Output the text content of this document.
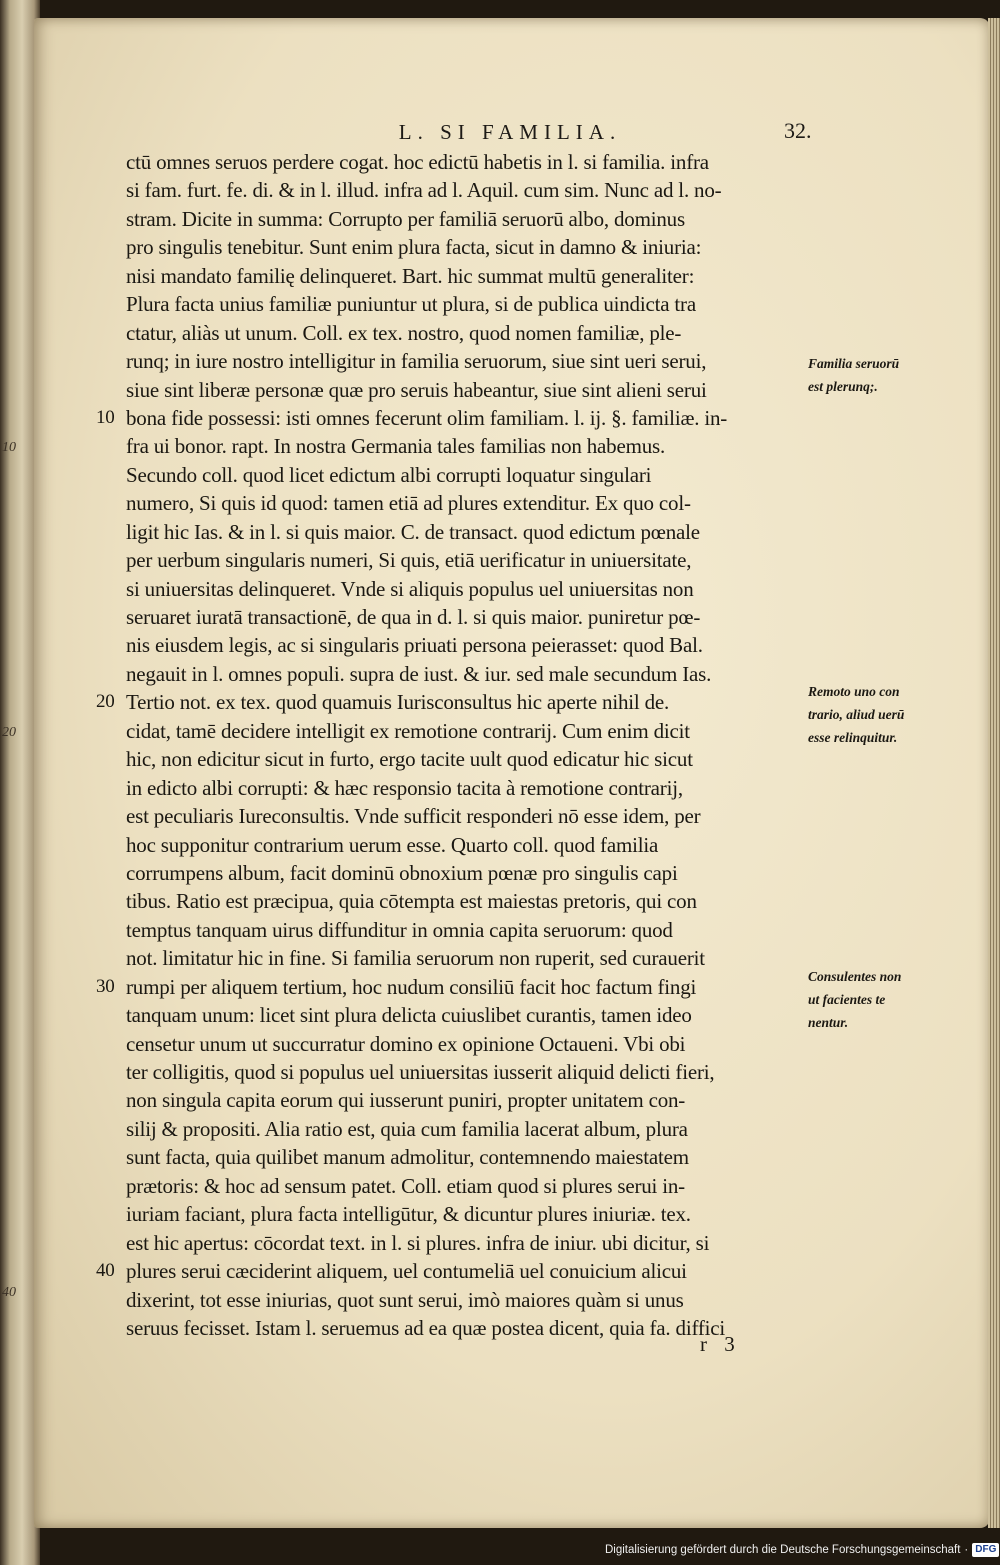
10
20
40
L. SI FAMILIA.	32.
ctū omnes seruos perdere cogat. hoc edictū habetis in l. si familia. infra
si fam. furt. fe. di. & in l. illud. infra ad l. Aquil. cum sim. Nunc ad l. no-
stram. Dicite in summa: Corrupto per familiā seruorū albo, dominus
pro singulis tenebitur. Sunt enim plura facta, sicut in damno & iniuria:
nisi mandato familię delinqueret. Bart. hic summat multū generaliter:
Plura facta unius familiæ puniuntur ut plura, si de publica uindicta tra
ctatur, aliàs ut unum. Coll. ex tex. nostro, quod nomen familiæ, ple-
runq; in iure nostro intelligitur in familia seruorum, siue sint ueri serui,
siue sint liberæ personæ quæ pro seruis habeantur, siue sint alieni serui
10 bona fide possessi: isti omnes fecerunt olim familiam. l. ij. §. familiæ. in-
fra ui bonor. rapt. In nostra Germania tales familias non habemus.
Secundo coll. quod licet edictum albi corrupti loquatur singulari
numero, Si quis id quod: tamen etiā ad plures extenditur. Ex quo col-
ligit hic Ias. & in l. si quis maior. C. de transact. quod edictum pœnale
per uerbum singularis numeri, Si quis, etiā uerificatur in uniuersitate,
si uniuersitas delinqueret. Vnde si aliquis populus uel uniuersitas non
seruaret iuratā transactionē, de qua in d. l. si quis maior. puniretur pœ-
nis eiusdem legis, ac si singularis priuati persona peierasset: quod Bal.
negauit in l. omnes populi. supra de iust. & iur. sed male secundum Ias.
20 Tertio not. ex tex. quod quamuis Iurisconsultus hic aperte nihil de.
cidat, tamē decidere intelligit ex remotione contrarij. Cum enim dicit
hic, non edicitur sicut in furto, ergo tacite uult quod edicatur hic sicut
in edicto albi corrupti: & hæc responsio tacita à remotione contrarij,
est peculiaris Iureconsultis. Vnde sufficit responderi nō esse idem, per
hoc supponitur contrarium uerum esse. Quarto coll. quod familia
corrumpens album, facit dominū obnoxium pœnæ pro singulis capi
tibus. Ratio est præcipua, quia cōtempta est maiestas pretoris, qui con
temptus tanquam uirus diffunditur in omnia capita seruorum: quod
not. limitatur hic in fine. Si familia seruorum non ruperit, sed curauerit
30 rumpi per aliquem tertium, hoc nudum consiliū facit hoc factum fingi
tanquam unum: licet sint plura delicta cuiuslibet curantis, tamen ideo
censetur unum ut succurratur domino ex opinione Octaueni. Vbi obi
ter colligitis, quod si populus uel uniuersitas iusserit aliquid delicti fieri,
non singula capita eorum qui iusserunt puniri, propter unitatem con-
silij & propositi. Alia ratio est, quia cum familia lacerat album, plura
sunt facta, quia quilibet manum admolitur, contemnendo maiestatem
prætoris: & hoc ad sensum patet. Coll. etiam quod si plures serui in-
iuriam faciant, plura facta intelligūtur, & dicuntur plures iniuriæ. tex.
est hic apertus: cōcordat text. in l. si plures. infra de iniur. ubi dicitur, si
40 plures serui cæciderint aliquem, uel contumeliā uel conuicium alicui
dixerint, tot esse iniurias, quot sunt serui, imò maiores quàm si unus
seruus fecisset. Istam l. seruemus ad ea quæ postea dicent, quia fa. diffici
Familia seruorū
est plerunq;.
Remoto uno con
trario, aliud uerū
esse relinquitur.
Consulentes non
ut facientes te
nentur.
r 3
Digitalisierung gefördert durch die Deutsche Forschungsgemeinschaft · DFG
